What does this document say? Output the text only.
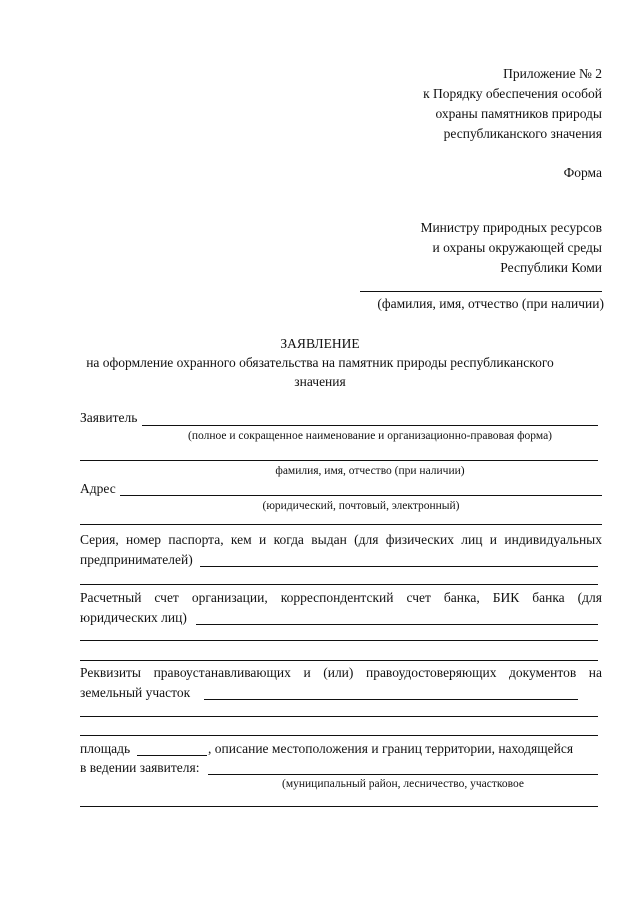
Приложение № 2
к Порядку обеспечения особой
охраны памятников природы
республиканского значения
Форма
Министру природных ресурсов
и охраны окружающей среды
Республики Коми
(фамилия, имя, отчество (при наличии)
ЗАЯВЛЕНИЕ
на оформление охранного обязательства на памятник природы республиканского
значения
Заявитель
(полное и сокращенное наименование и организационно-правовая форма)
фамилия, имя, отчество (при наличии)
Адрес
(юридический, почтовый, электронный)
Серия, номер паспорта, кем и когда выдан (для физических лиц и индивидуальных
предпринимателей)
Расчетный счет организации, корреспондентский счет банка, БИК банка (для
юридических лиц)
Реквизиты правоустанавливающих и (или) правоудостоверяющих документов на
земельный участок
площадь	, описание местоположения и границ территории, находящейся
в ведении заявителя:
(муниципальный район, лесничество, участковое
